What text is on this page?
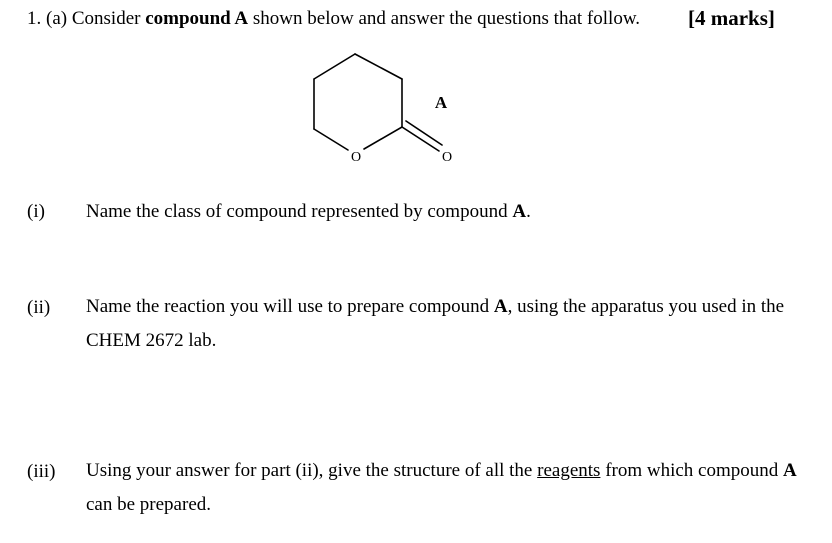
1. (a) Consider compound A shown below and answer the questions that follow. [4 marks]
O	O
A
(i) Name the class of compound represented by compound A.
(ii) Name the reaction you will use to prepare compound A, using the apparatus you used in the CHEM 2672 lab.
(iii) Using your answer for part (ii), give the structure of all the reagents from which compound A can be prepared.
